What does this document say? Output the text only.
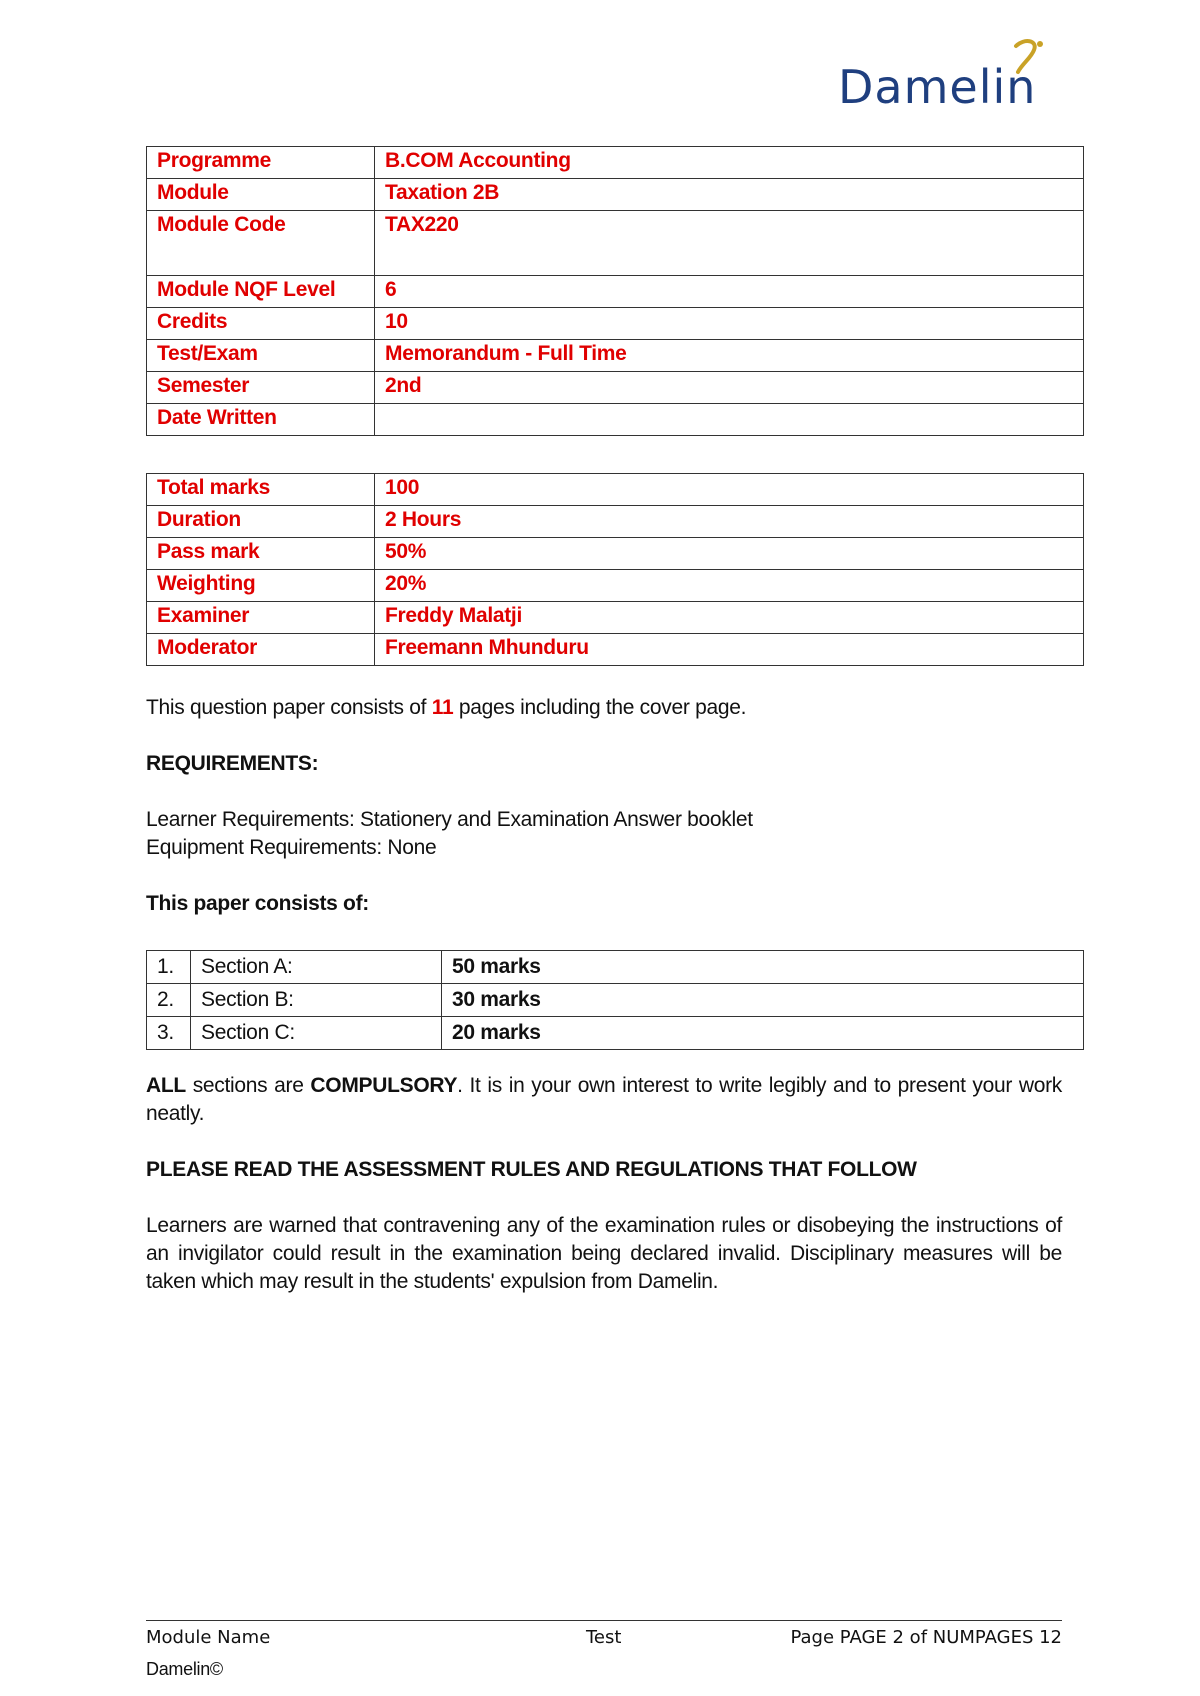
Damelin
Programme	B.COM Accounting
Module	Taxation 2B
Module Code	TAX220
Module NQF Level	6
Credits	10
Test/Exam	Memorandum - Full Time
Semester	2nd
Date Written	
Total marks	100
Duration	2 Hours
Pass mark	50%
Weighting	20%
Examiner	Freddy Malatji
Moderator	Freemann Mhunduru
This question paper consists of 11 pages including the cover page.
REQUIREMENTS:
Learner Requirements: Stationery and Examination Answer booklet
Equipment Requirements: None
This paper consists of:
1.	Section A:	50 marks
2.	Section B:	30 marks
3.	Section C:	20 marks
ALL sections are COMPULSORY. It is in your own interest to write legibly and to present your work neatly.
PLEASE READ THE ASSESSMENT RULES AND REGULATIONS THAT FOLLOW
Learners are warned that contravening any of the examination rules or disobeying the instructions of an invigilator could result in the examination being declared invalid. Disciplinary measures will be taken which may result in the students' expulsion from Damelin.
Module Name	Test	Page PAGE 2 of NUMPAGES 12
Damelin©
